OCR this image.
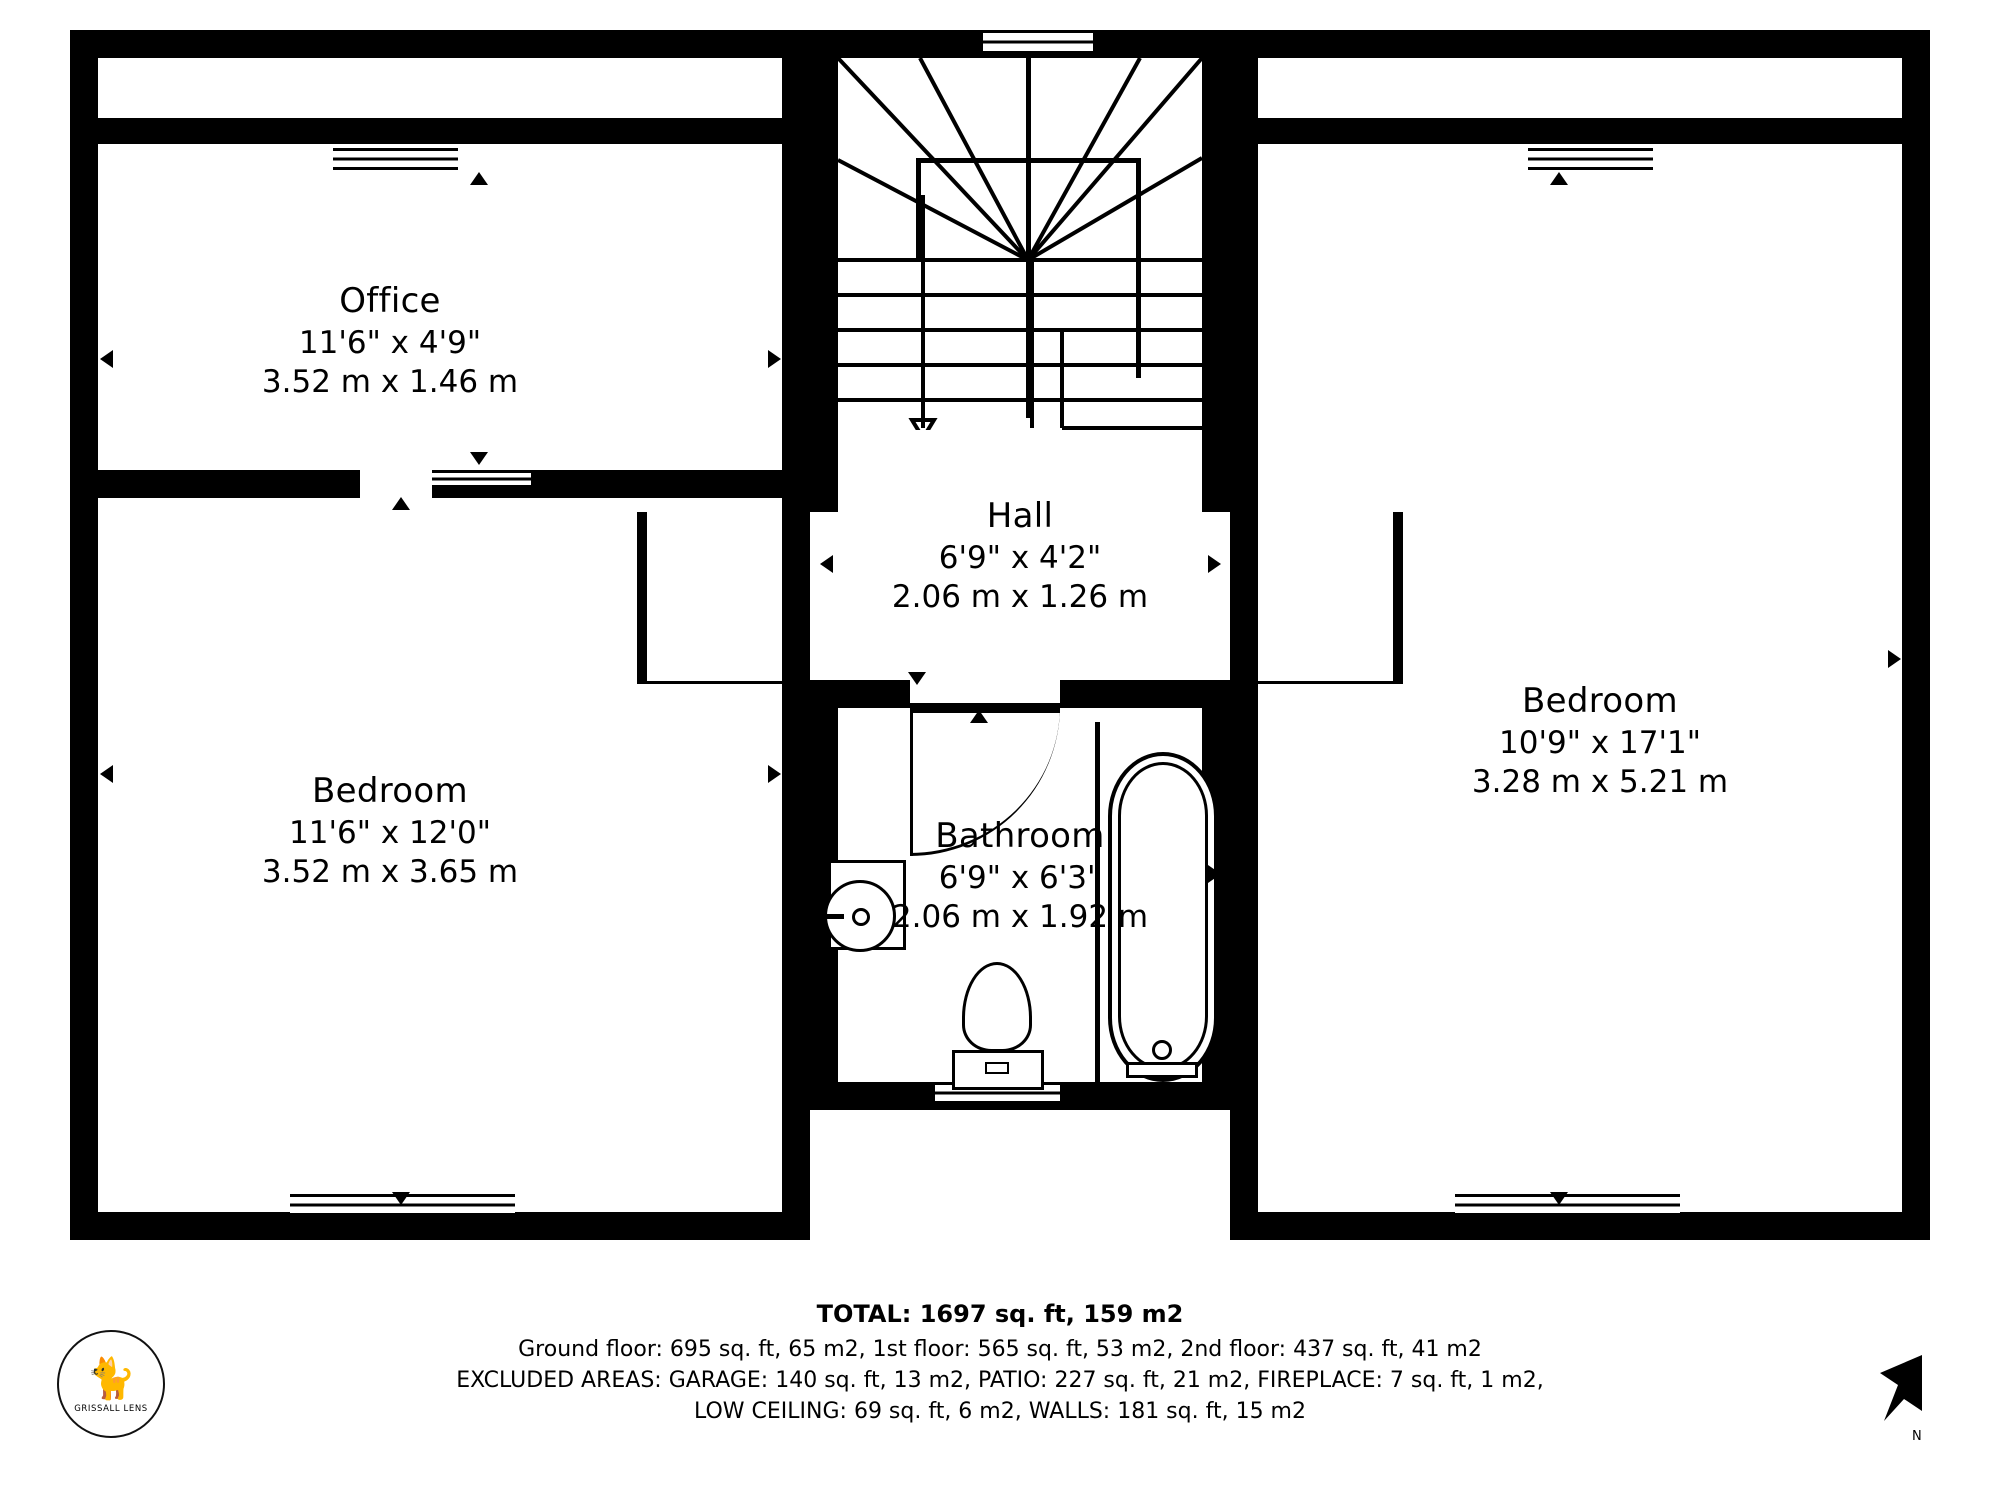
Office
11'6" x 4'9"
3.52 m x 1.46 m
Hall
6'9" x 4'2"
2.06 m x 1.26 m
Bedroom
11'6" x 12'0"
3.52 m x 3.65 m
Bathroom
6'9" x 6'3"
2.06 m x 1.92 m
Bedroom
10'9" x 17'1"
3.28 m x 5.21 m
TOTAL: 1697 sq. ft, 159 m2
Ground floor: 695 sq. ft, 65 m2, 1st floor: 565 sq. ft, 53 m2, 2nd floor: 437 sq. ft, 41 m2
EXCLUDED AREAS: GARAGE: 140 sq. ft, 13 m2, PATIO: 227 sq. ft, 21 m2, FIREPLACE: 7 sq. ft, 1 m2,
LOW CEILING: 69 sq. ft, 6 m2, WALLS: 181 sq. ft, 15 m2
🐈
GRISSALL LENS
N
